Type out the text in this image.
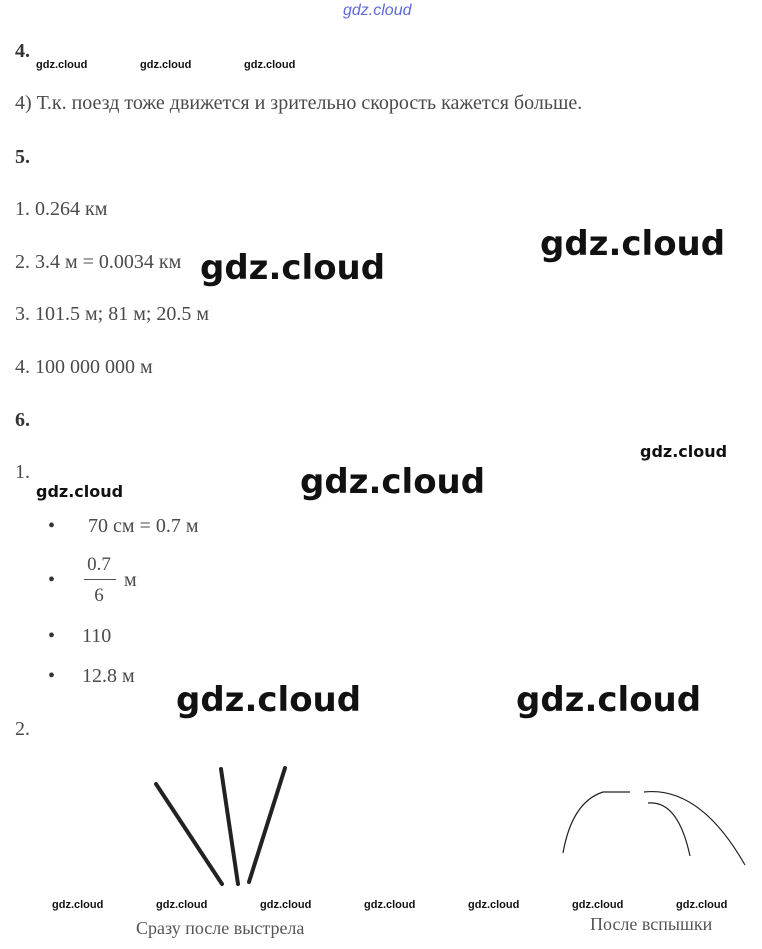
gdz.cloud
4.
gdz.cloud	gdz.cloud	gdz.cloud
4) Т.к. поезд тоже движется и зрительно скорость кажется больше.
5.
1. 0.264 км
gdz.cloud
2. 3.4 м = 0.0034 км gdz.cloud
3. 101.5 м; 81 м; 20.5 м
4. 100 000 000 м
6.
gdz.cloud
1.	gdz.cloud
gdz.cloud
• 70 см = 0.7 м
•
0.7
6
м
• 110
• 12.8 м
gdz.cloud	gdz.cloud
2.
gdz.cloud	gdz.cloud	gdz.cloud	gdz.cloud	gdz.cloud	gdz.cloud	gdz.cloud
Сразу после выстрела	После вспышки
